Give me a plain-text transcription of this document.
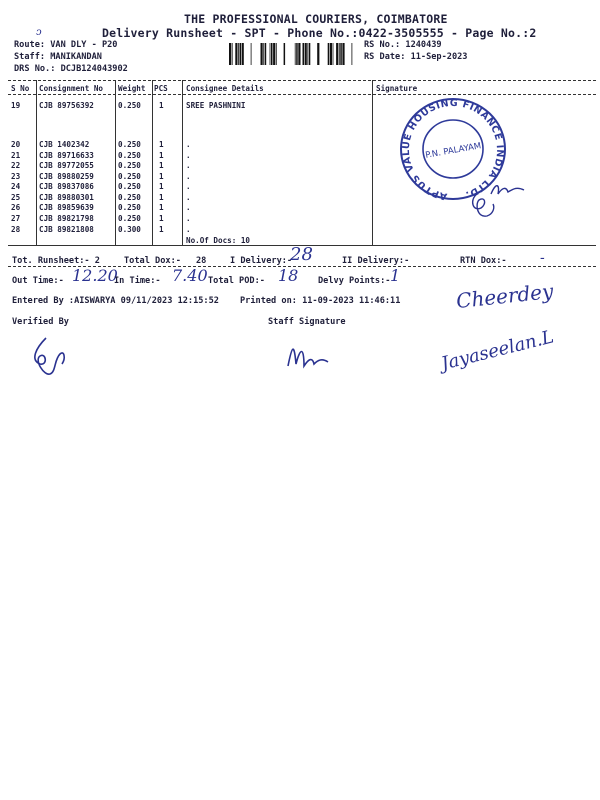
THE PROFESSIONAL COURIERS, COIMBATORE
Delivery Runsheet - SPT - Phone No.:0422-3505555 - Page No.:2
ↄ
Route: VAN DLY - P20
Staff: MANIKANDAN
DRS No.: DCJB124043902
RS No.: 1240439
RS Date: 11-Sep-2023
S No Consignment No Weight PCS Consignee Details	Signature
19 CJB 89756392	0.250 1	SREE PASHNINI
20 CJB 1402342	0.250 1	.
21 CJB 89716633	0.250 1	.
22 CJB 89772055	0.250 1	.
23 CJB 89880259	0.250 1	.
24 CJB 89837086	0.250 1	.
25 CJB 89880301	0.250 1	.
26 CJB 89859639	0.250 1	.
27 CJB 89821798	0.250 1	.
28 CJB 89821808	0.300 1	.
No.Of Docs: 10
APTUS VALUE HOUSING FINANCE INDIA LTD.
P.N. PALAYAM
Tot. Runsheet:- 2	Total Dox:- 28	I Delivery:-
28	II Delivery:-	RTN Dox:- -
Out Time:- 12.20
In Time:- 7.40 Total POD:- 18 Delvy Points:- 1
Entered By :AISWARYA 09/11/2023 12:15:52 Printed on: 11-09-2023 11:46:11	Cheerdey
Verified By	Staff Signature
Jayaseelan.L
